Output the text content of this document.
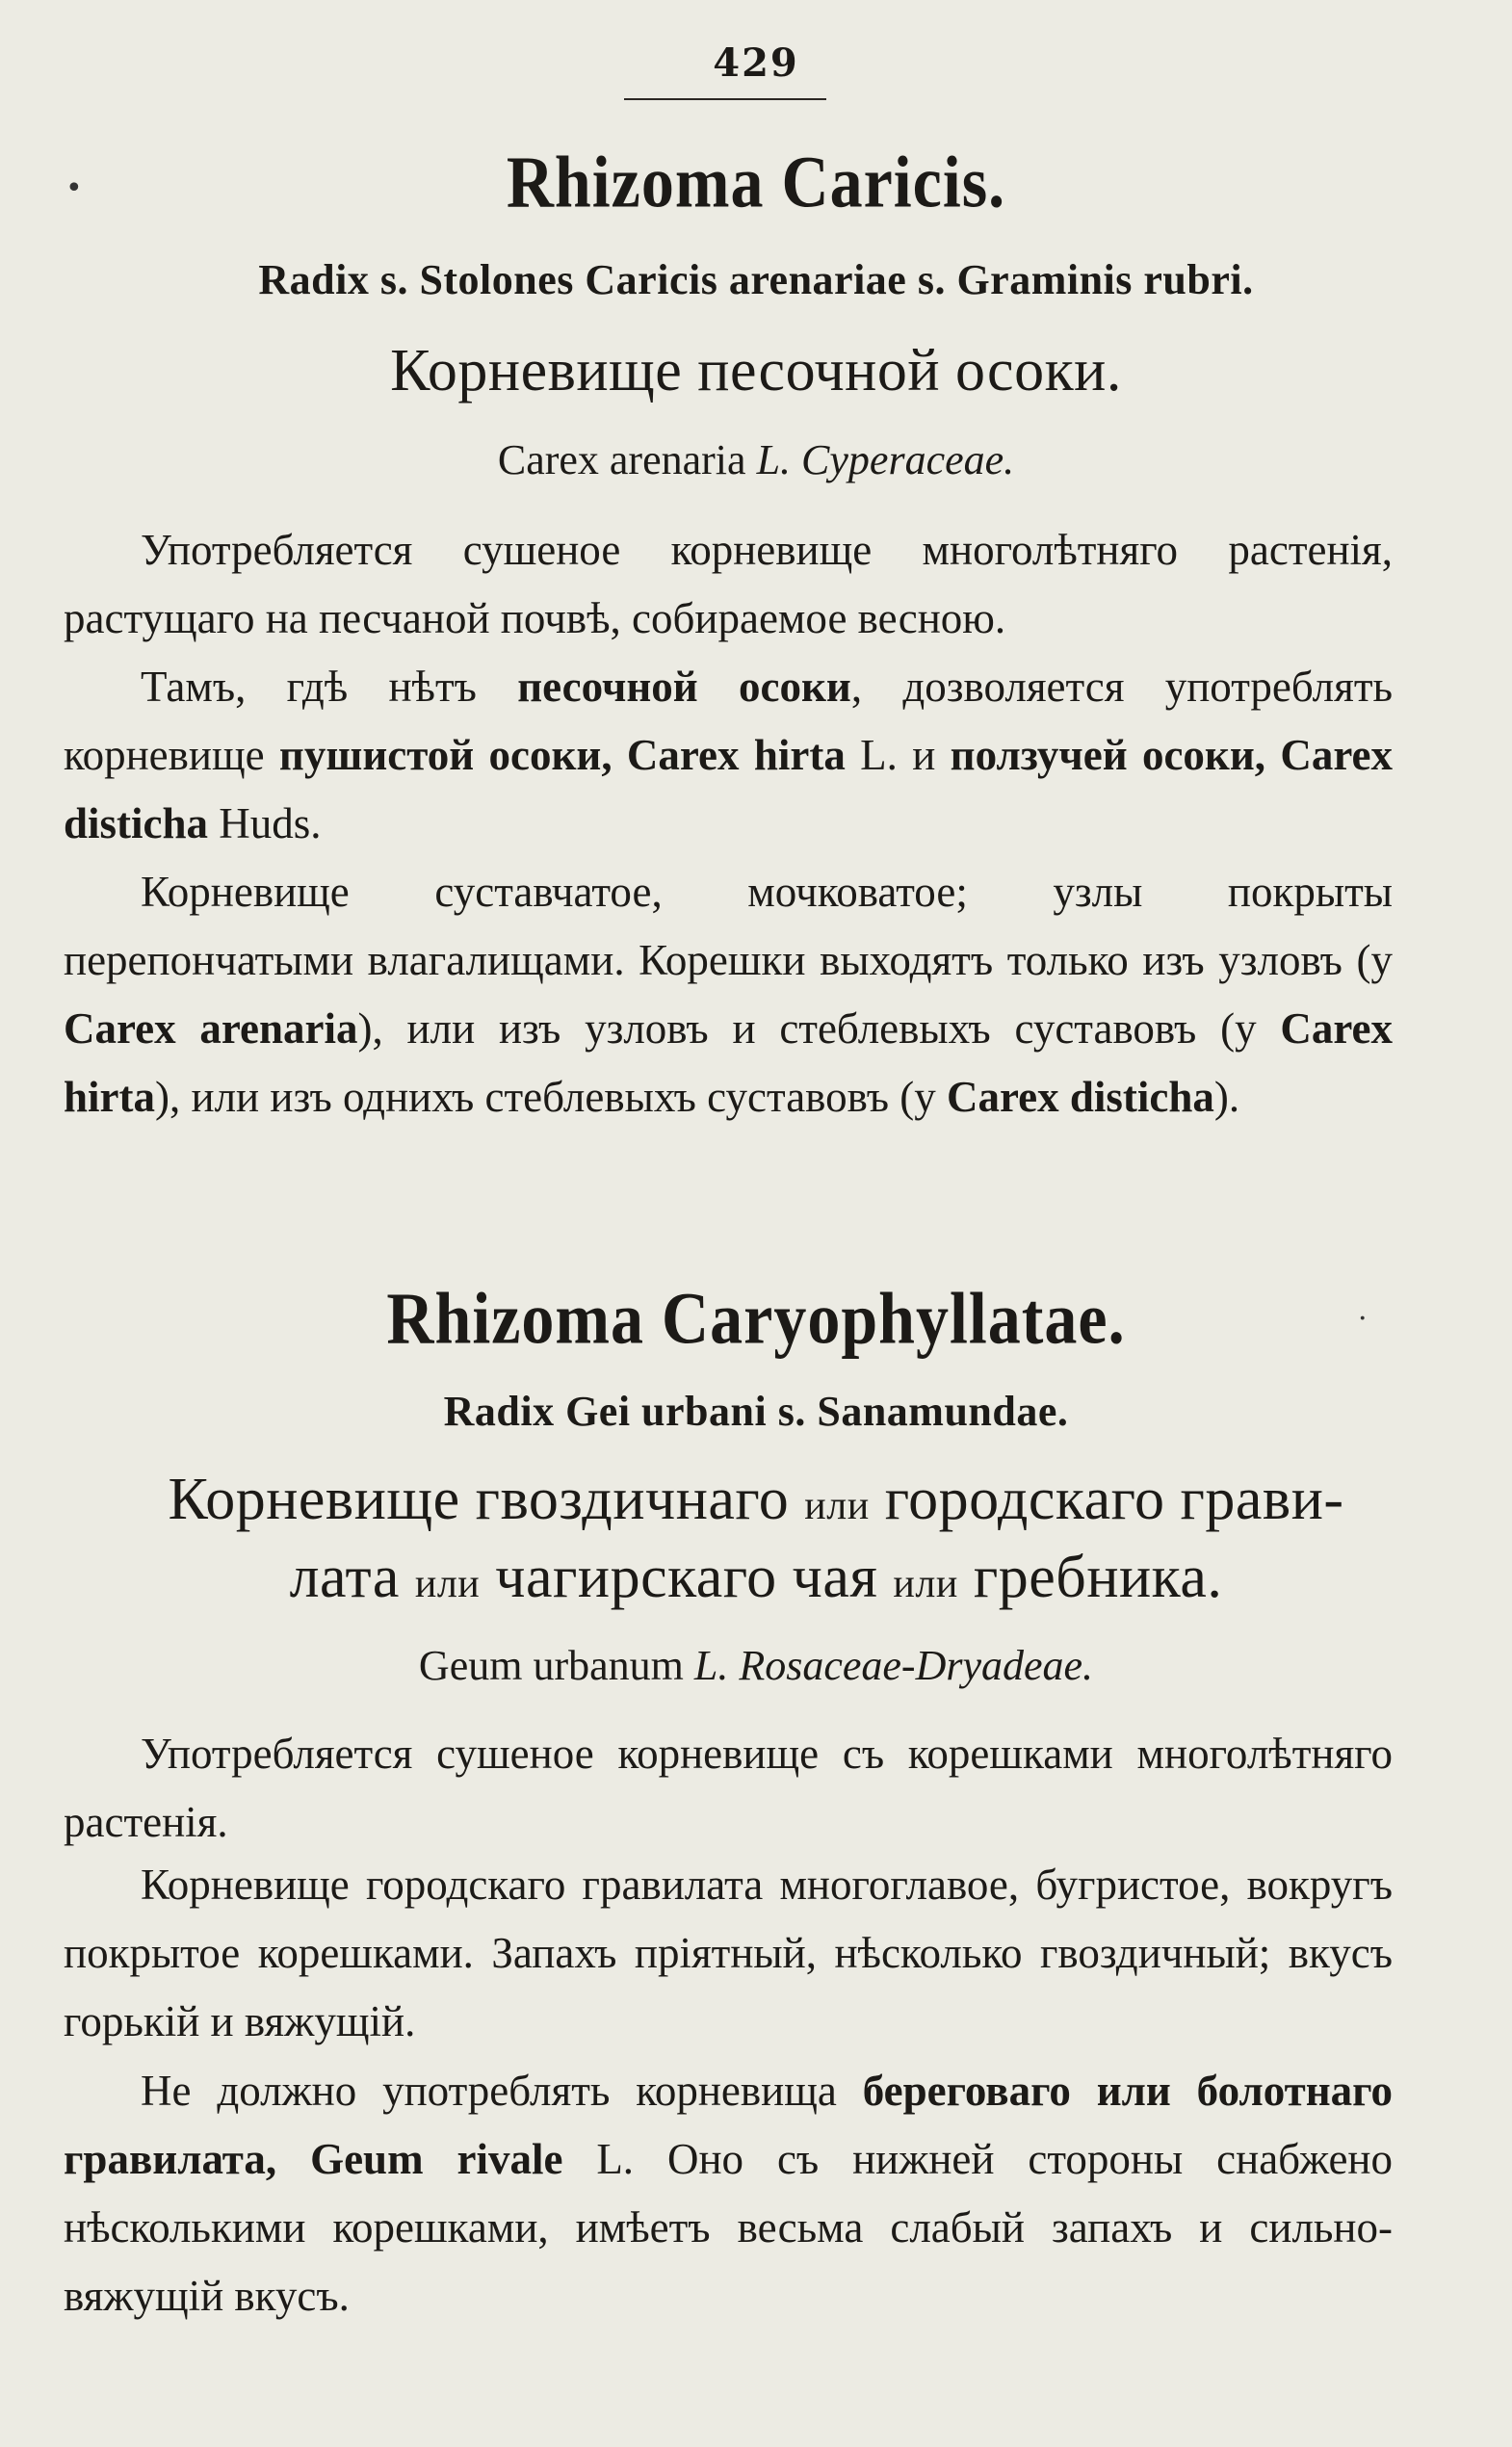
429
•	Rhizoma Caricis.
Radix s. Stolones Caricis arenariae s. Graminis rubri.
Корневище песочной осоки.
Carex arenaria L. Cyperaceae.
Употребляется сушеное корневище многолѣтняго растенія, растущаго на песчаной почвѣ, собираемое весною.
Тамъ, гдѣ нѣтъ песочной осоки, дозволяется употреблять корневище пушистой осоки, Carex hirta L. и ползучей осоки, Carex disticha Huds.
Корневище суставчатое, мочковатое; узлы покрыты перепончатыми влагалищами. Корешки выходятъ только изъ узловъ (у Carex arenaria), или изъ узловъ и стеблевыхъ суставовъ (у Carex hirta), или изъ однихъ стеблевыхъ суставовъ (у Carex disticha).
Rhizoma Caryophyllatae.	·
Radix Gei urbani s. Sanamundae.
Корневище гвоздичнаго или городскаго грави-
лата или чагирскаго чая или гребника.
Geum urbanum L. Rosaceae-Dryadeae.
Употребляется сушеное корневище съ корешками многолѣтняго растенія.
Корневище городскаго гравилата многоглавое, бугристое, вокругъ покрытое корешками. Запахъ пріятный, нѣсколько гвоздичный; вкусъ горькій и вяжущій.
Не должно употреблять корневища береговаго или болотнаго гравилата, Geum rivale L. Оно съ нижней стороны снабжено нѣсколькими корешками, имѣетъ весьма слабый запахъ и сильно-вяжущій вкусъ.
